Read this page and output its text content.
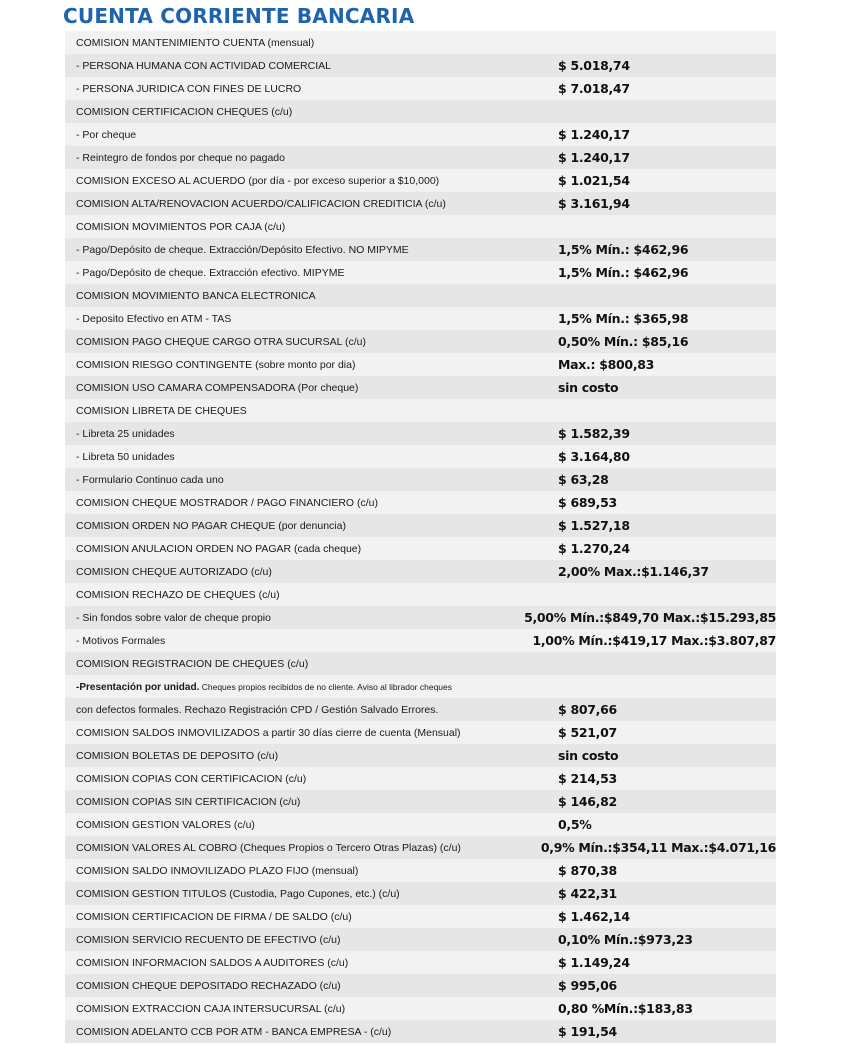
CUENTA CORRIENTE BANCARIA
COMISION MANTENIMIENTO CUENTA (mensual)
- PERSONA HUMANA CON ACTIVIDAD COMERCIAL	$ 5.018,74
- PERSONA JURIDICA CON FINES DE LUCRO	$ 7.018,47
COMISION CERTIFICACION CHEQUES (c/u)
- Por cheque	$ 1.240,17
- Reintegro de fondos por cheque no pagado	$ 1.240,17
COMISION EXCESO AL ACUERDO (por día - por exceso superior a $10,000)	$ 1.021,54
COMISION ALTA/RENOVACION ACUERDO/CALIFICACION CREDITICIA (c/u)	$ 3.161,94
COMISION MOVIMIENTOS POR CAJA (c/u)
- Pago/Depósito de cheque. Extracción/Depósito Efectivo. NO MIPYME	1,5% Mín.: $462,96
- Pago/Depósito de cheque. Extracción efectivo. MIPYME	1,5% Mín.: $462,96
COMISION MOVIMIENTO BANCA ELECTRONICA
- Deposito Efectivo en ATM - TAS	1,5% Mín.: $365,98
COMISION PAGO CHEQUE CARGO OTRA SUCURSAL (c/u)	0,50% Mín.: $85,16
COMISION RIESGO CONTINGENTE (sobre monto por dia)	Max.: $800,83
COMISION USO CAMARA COMPENSADORA (Por cheque)	sin costo
COMISION LIBRETA DE CHEQUES
- Libreta 25 unidades	$ 1.582,39
- Libreta 50 unidades	$ 3.164,80
- Formulario Continuo cada uno	$ 63,28
COMISION CHEQUE MOSTRADOR / PAGO FINANCIERO (c/u)	$ 689,53
COMISION ORDEN NO PAGAR CHEQUE (por denuncia)	$ 1.527,18
COMISION ANULACION ORDEN NO PAGAR (cada cheque)	$ 1.270,24
COMISION CHEQUE AUTORIZADO (c/u)	2,00% Max.:$1.146,37
COMISION RECHAZO DE CHEQUES (c/u)
- Sin fondos sobre valor de cheque propio	5,00% Mín.:$849,70 Max.:$15.293,85
- Motivos Formales	1,00% Mín.:$419,17 Max.:$3.807,87
COMISION REGISTRACION DE CHEQUES (c/u)
-Presentación por unidad. Cheques propios recibidos de no cliente. Aviso al librador cheques
con defectos formales. Rechazo Registración CPD / Gestión Salvado Errores.	$ 807,66
COMISION SALDOS INMOVILIZADOS a partir 30 días cierre de cuenta (Mensual)	$ 521,07
COMISION BOLETAS DE DEPOSITO (c/u)	sin costo
COMISION COPIAS CON CERTIFICACION (c/u)	$ 214,53
COMISION COPIAS SIN CERTIFICACION (c/u)	$ 146,82
COMISION GESTION VALORES (c/u)	0,5%
COMISION VALORES AL COBRO (Cheques Propios o Tercero Otras Plazas) (c/u)	0,9% Mín.:$354,11 Max.:$4.071,16
COMISION SALDO INMOVILIZADO PLAZO FIJO (mensual)	$ 870,38
COMISION GESTION TITULOS (Custodia, Pago Cupones, etc.) (c/u)	$ 422,31
COMISION CERTIFICACION DE FIRMA / DE SALDO (c/u)	$ 1.462,14
COMISION SERVICIO RECUENTO DE EFECTIVO (c/u)	0,10% Mín.:$973,23
COMISION INFORMACION SALDOS A AUDITORES (c/u)	$ 1.149,24
COMISION CHEQUE DEPOSITADO RECHAZADO (c/u)	$ 995,06
COMISION EXTRACCION CAJA INTERSUCURSAL (c/u)	0,80 %Mín.:$183,83
COMISION ADELANTO CCB POR ATM - BANCA EMPRESA - (c/u)	$ 191,54
